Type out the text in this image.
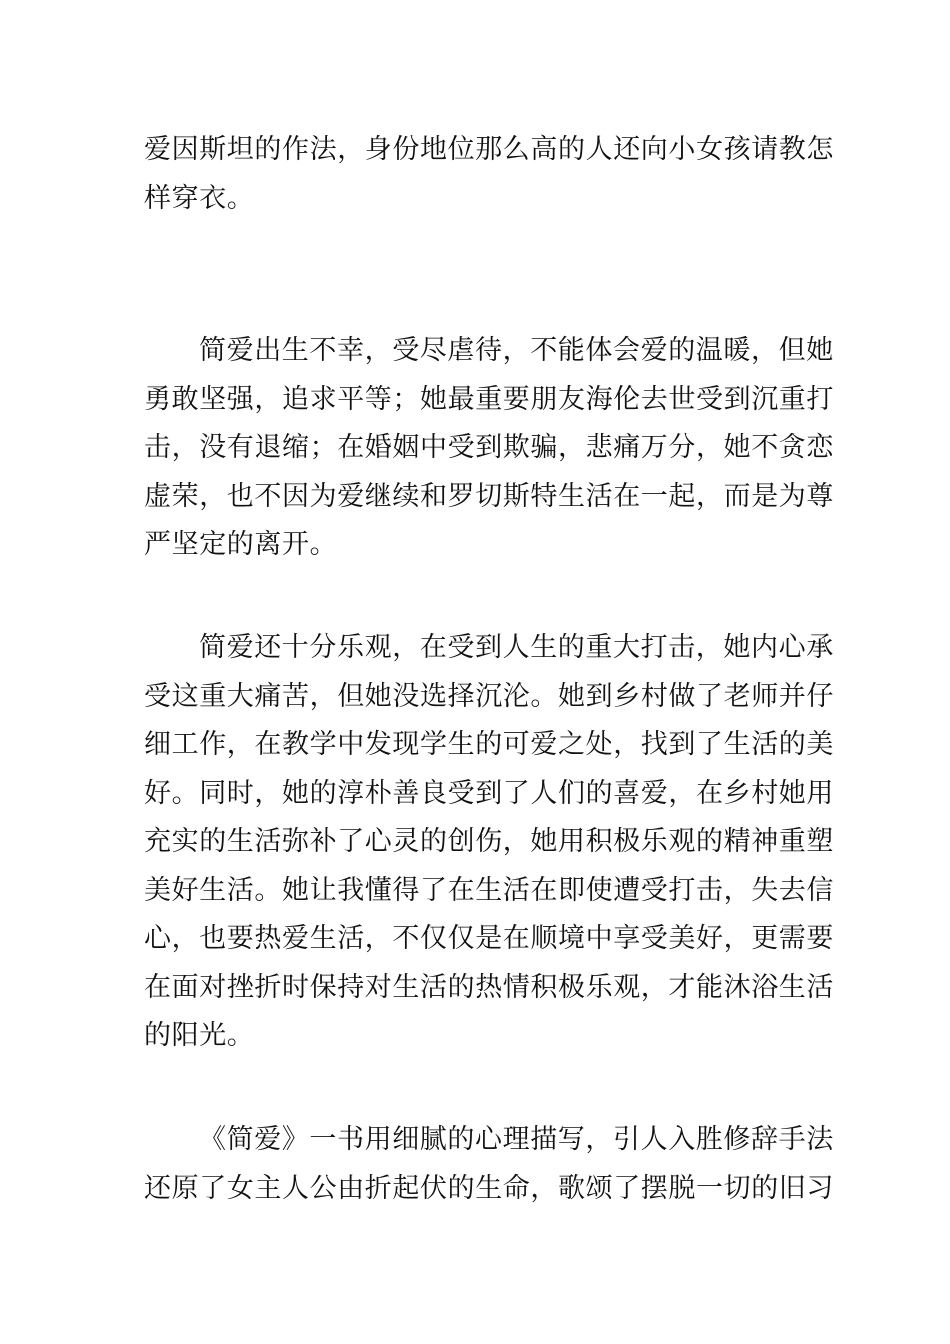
爱因斯坦的作法，身份地位那么高的人还向小女孩请教怎
样穿衣。
简爱出生不幸，受尽虐待，不能体会爱的温暖，但她
勇敢坚强，追求平等；她最重要朋友海伦去世受到沉重打
击，没有退缩；在婚姻中受到欺骗，悲痛万分，她不贪恋
虚荣，也不因为爱继续和罗切斯特生活在一起，而是为尊
严坚定的离开。
简爱还十分乐观，在受到人生的重大打击，她内心承
受这重大痛苦，但她没选择沉沦。她到乡村做了老师并仔
细工作，在教学中发现学生的可爱之处，找到了生活的美
好。同时，她的淳朴善良受到了人们的喜爱，在乡村她用
充实的生活弥补了心灵的创伤，她用积极乐观的精神重塑
美好生活。她让我懂得了在生活在即使遭受打击，失去信
心，也要热爱生活，不仅仅是在顺境中享受美好，更需要
在面对挫折时保持对生活的热情积极乐观，才能沐浴生活
的阳光。
《简爱》一书用细腻的心理描写，引人入胜修辞手法
还原了女主人公由折起伏的生命，歌颂了摆脱一切的旧习
